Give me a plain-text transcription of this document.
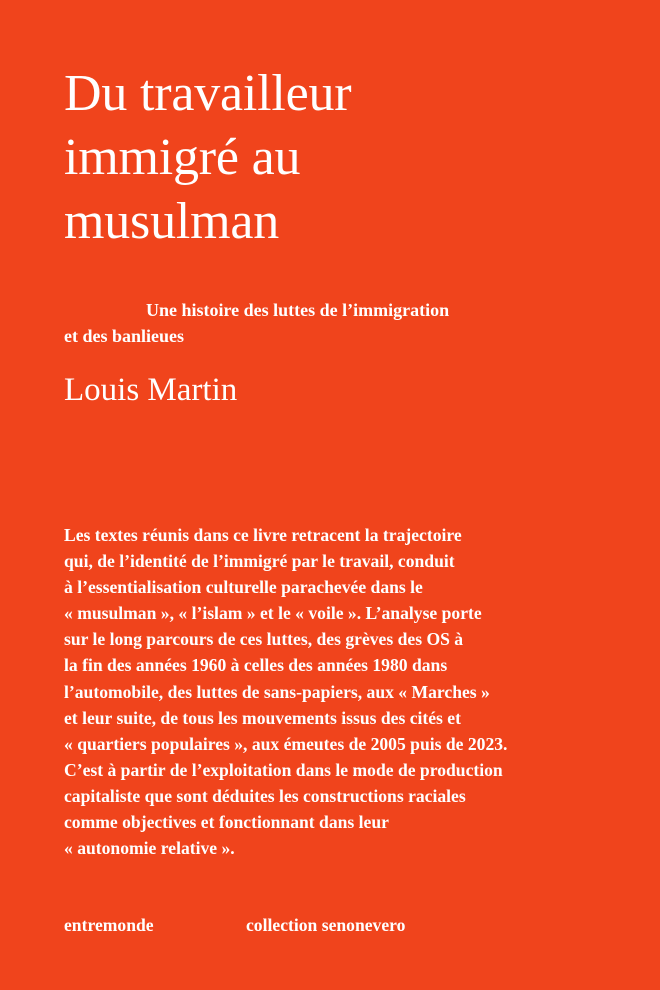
Du travailleur
immigré au
musulman

Une histoire des luttes de l’immigration
et des banlieues

Louis Martin

Les textes réunis dans ce livre retracent la trajectoire
qui, de l’identité de l’immigré par le travail, conduit
à l’essentialisation culturelle parachevée dans le
« musulman », « l’islam » et le « voile ». L’analyse porte
sur le long parcours de ces luttes, des grèves des OS à
la fin des années 1960 à celles des années 1980 dans
l’automobile, des luttes de sans-papiers, aux « Marches »
et leur suite, de tous les mouvements issus des cités et
« quartiers populaires », aux émeutes de 2005 puis de 2023.
C’est à partir de l’exploitation dans le mode de production
capitaliste que sont déduites les constructions raciales
comme objectives et fonctionnant dans leur
« autonomie relative ».

entremonde	collection senonevero
